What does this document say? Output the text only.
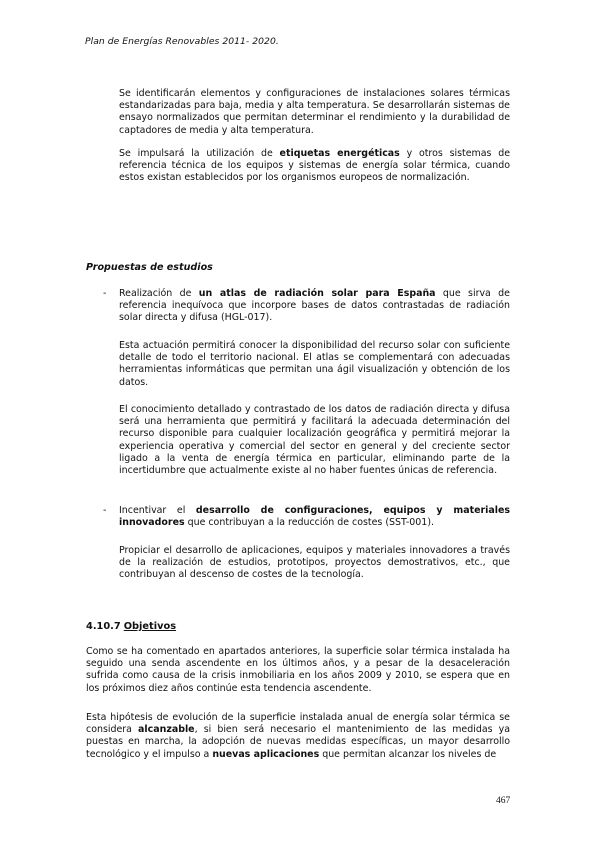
Plan de Energías Renovables 2011- 2020.

Se identificarán elementos y configuraciones de instalaciones solares térmicas estandarizadas para baja, media y alta temperatura. Se desarrollarán sistemas de ensayo normalizados que permitan determinar el rendimiento y la durabilidad de captadores de media y alta temperatura.

Se impulsará la utilización de etiquetas energéticas y otros sistemas de referencia técnica de los equipos y sistemas de energía solar térmica, cuando estos existan establecidos por los organismos europeos de normalización.

Propuestas de estudios
- Realización de un atlas de radiación solar para España que sirva de referencia inequívoca que incorpore bases de datos contrastadas de radiación solar directa y difusa (HGL-017).

Esta actuación permitirá conocer la disponibilidad del recurso solar con suficiente detalle de todo el territorio nacional. El atlas se complementará con adecuadas herramientas informáticas que permitan una ágil visualización y obtención de los datos.

El conocimiento detallado y contrastado de los datos de radiación directa y difusa será una herramienta que permitirá y facilitará la adecuada determinación del recurso disponible para cualquier localización geográfica y permitirá mejorar la experiencia operativa y comercial del sector en general y del creciente sector ligado a la venta de energía térmica en particular, eliminando parte de la incertidumbre que actualmente existe al no haber fuentes únicas de referencia.

- Incentivar el desarrollo de configuraciones, equipos y materiales innovadores que contribuyan a la reducción de costes (SST-001).

Propiciar el desarrollo de aplicaciones, equipos y materiales innovadores a través de la realización de estudios, prototipos, proyectos demostrativos, etc., que contribuyan al descenso de costes de la tecnología.

4.10.7 Objetivos

Como se ha comentado en apartados anteriores, la superficie solar térmica instalada ha seguido una senda ascendente en los últimos años, y a pesar de la desaceleración sufrida como causa de la crisis inmobiliaria en los años 2009 y 2010, se espera que en los próximos diez años continúe esta tendencia ascendente.

Esta hipótesis de evolución de la superficie instalada anual de energía solar térmica se considera alcanzable, si bien será necesario el mantenimiento de las medidas ya puestas en marcha, la adopción de nuevas medidas específicas, un mayor desarrollo tecnológico y el impulso a nuevas aplicaciones que permitan alcanzar los niveles de

467
